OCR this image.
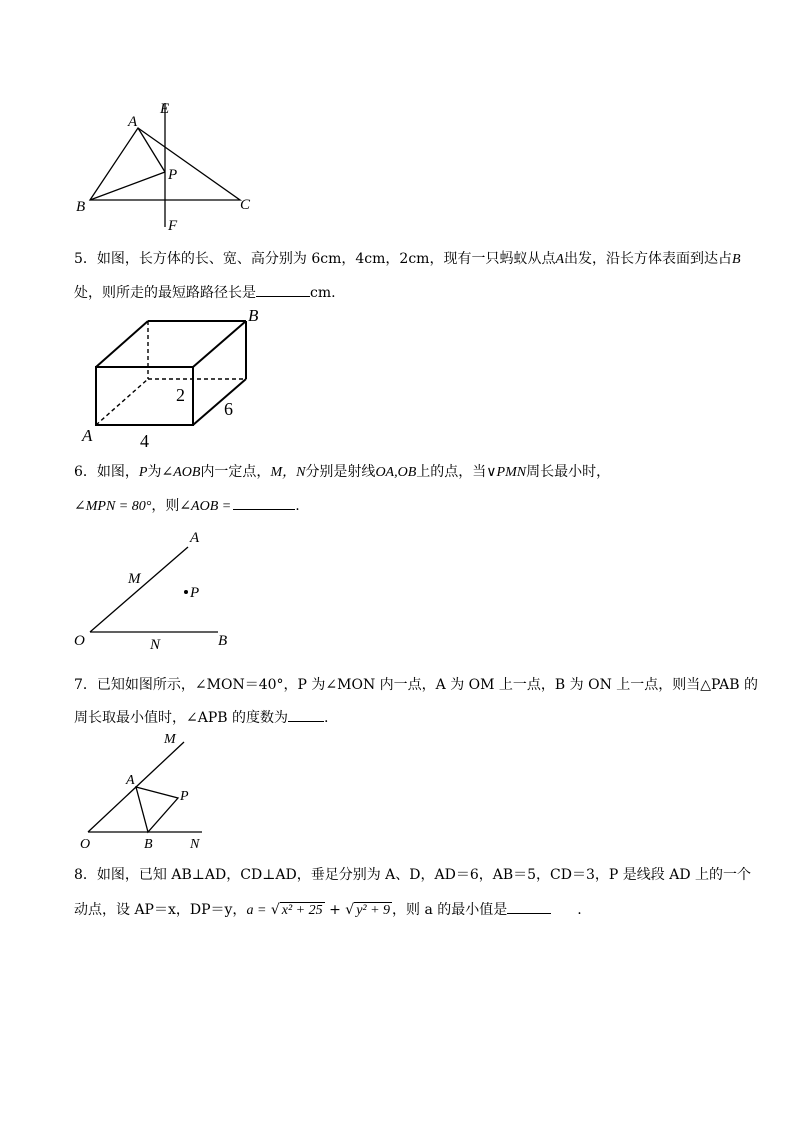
E
A
P
B	C
F
5．如图，长方体的长、宽、高分别为 6cm，4cm，2cm，现有一只蚂蚁从点A出发，沿长方体表面到达占B
处，则所走的最短路路径长是	cm.
B
2
6
A	4
6．如图，P为∠AOB内一定点，M，N分别是射线OA,OB上的点，当∨PMN周长最小时，
∠MPN = 80°，则∠AOB =	.
A
M
P
O	N	B
7．已知如图所示，∠MON＝40°，P 为∠MON 内一点，A 为 OM 上一点，B 为 ON 上一点，则当△PAB 的
周长取最小值时，∠APB 的度数为	.
M
A
P
O	B	N
8．如图，已知 AB⊥AD，CD⊥AD，垂足分别为 A、D，AD＝6，AB＝5，CD＝3，P 是线段 AD 上的一个
动点，设 AP＝x，DP＝y，a = √ x² + 25 + √ y² + 9 ，则 a 的最小值是	.
